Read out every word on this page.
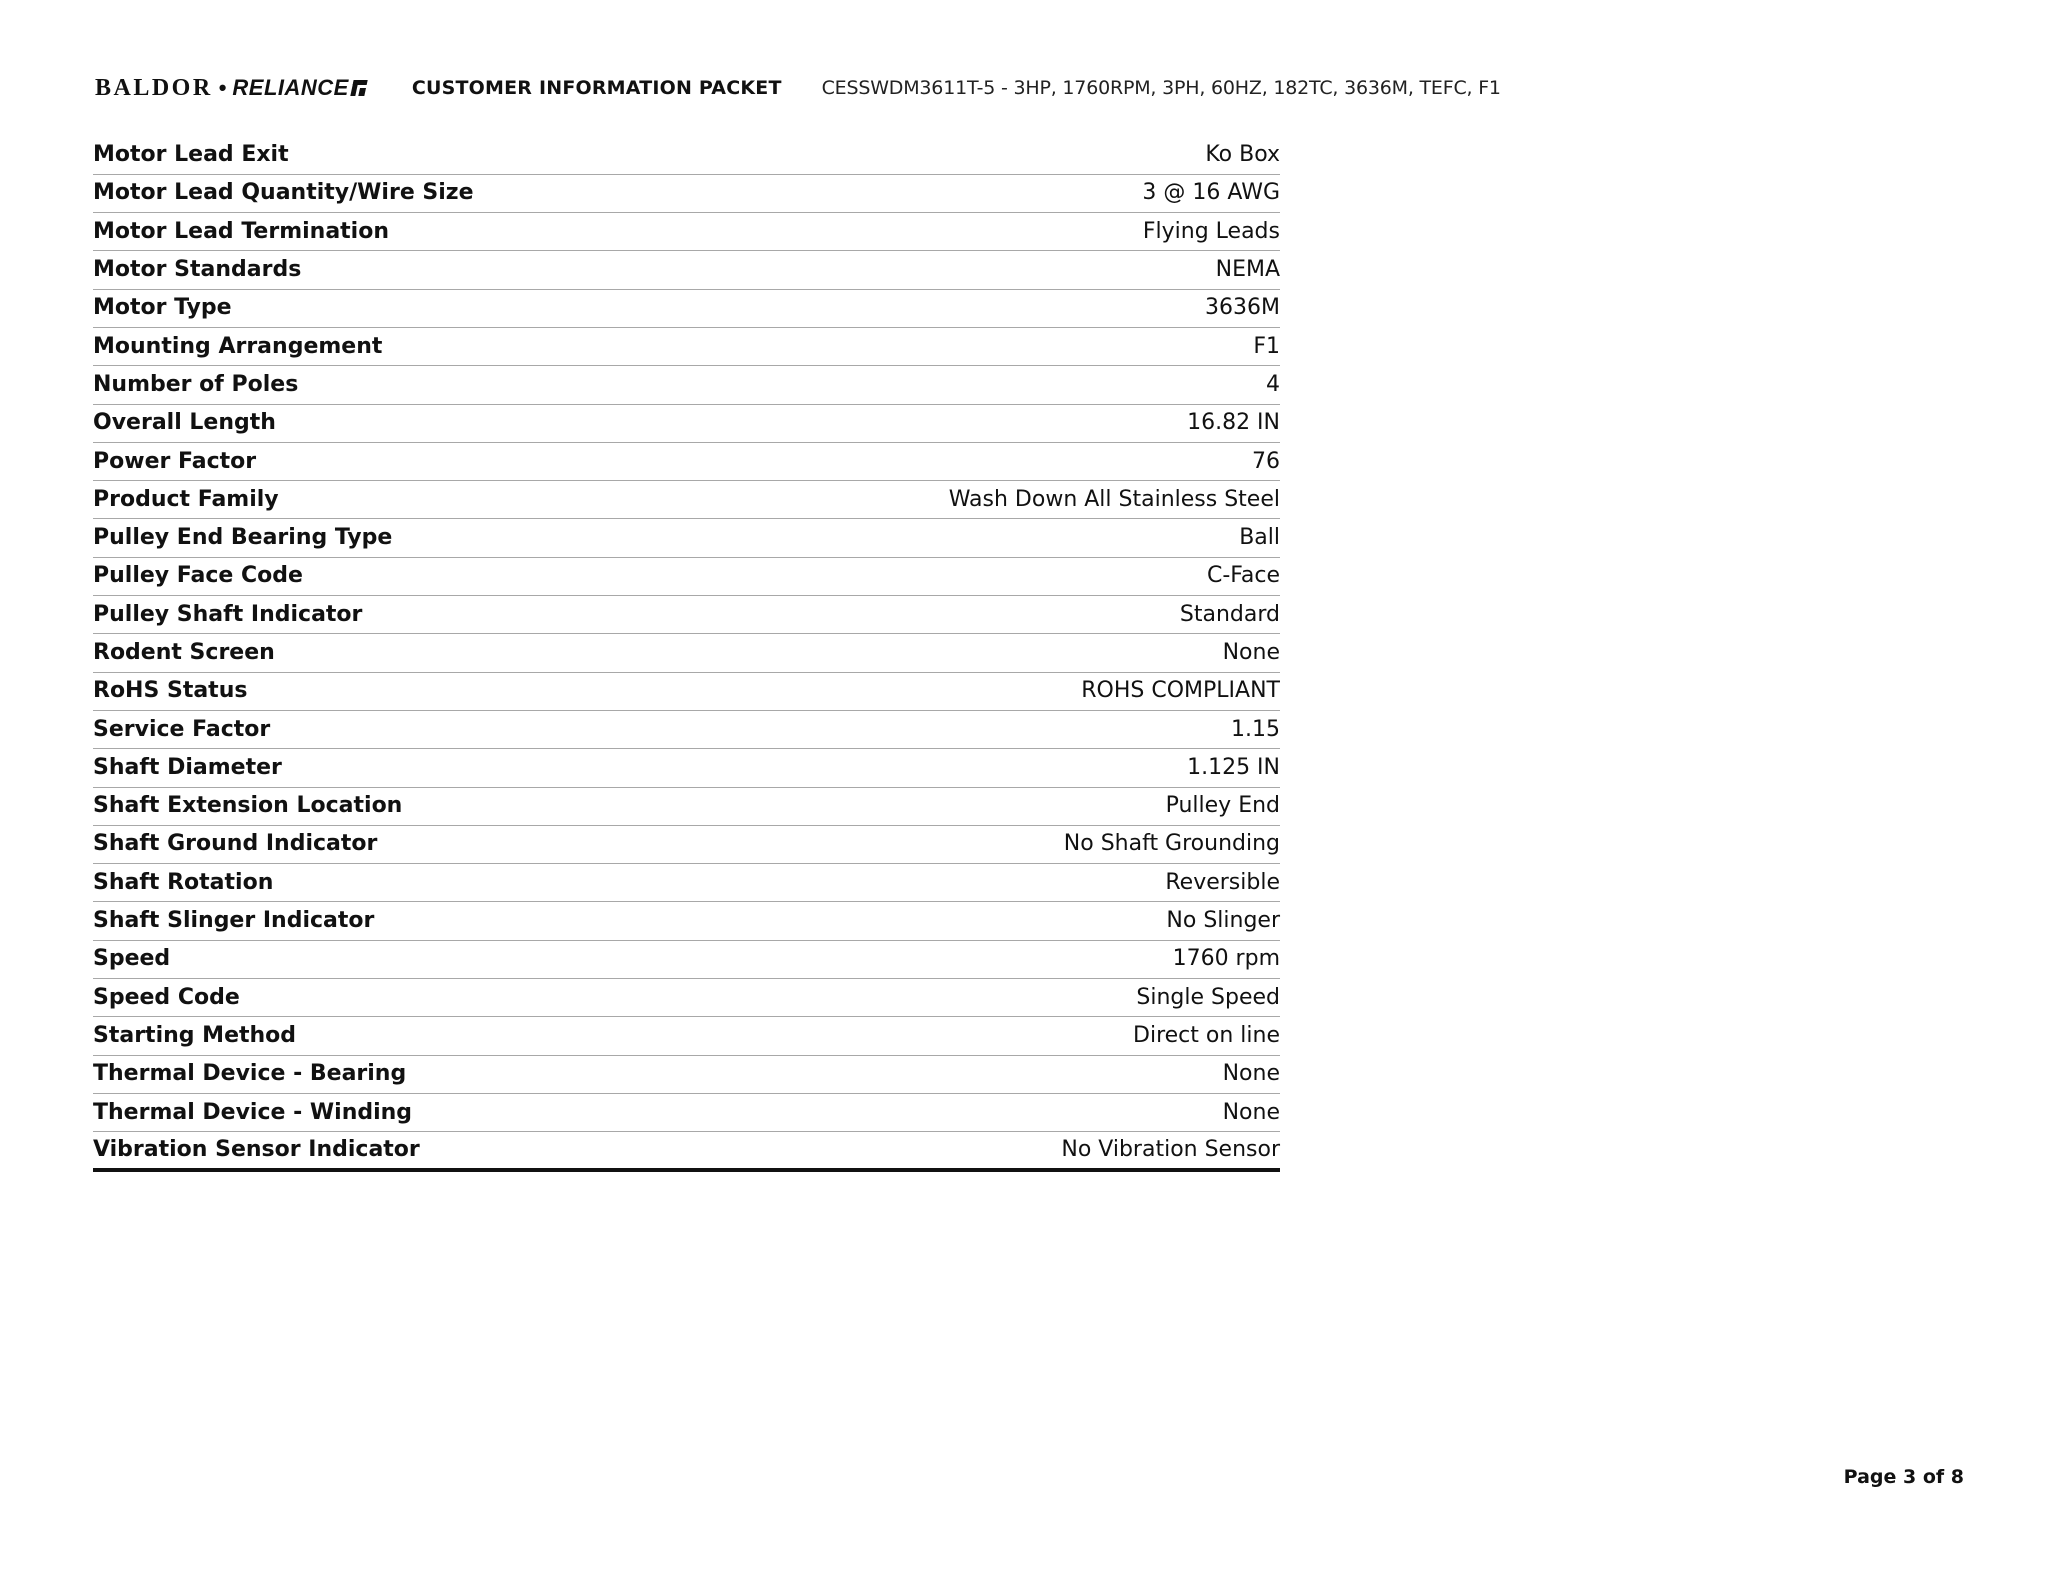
BALDOR • RELIANCE	CUSTOMER INFORMATION PACKET CESSWDM3611T-5 - 3HP, 1760RPM, 3PH, 60HZ, 182TC, 3636M, TEFC, F1
Motor Lead Exit	Ko Box
Motor Lead Quantity/Wire Size	3 @ 16 AWG
Motor Lead Termination	Flying Leads
Motor Standards	NEMA
Motor Type	3636M
Mounting Arrangement	F1
Number of Poles	4
Overall Length	16.82 IN
Power Factor	76
Product Family	Wash Down All Stainless Steel
Pulley End Bearing Type	Ball
Pulley Face Code	C-Face
Pulley Shaft Indicator	Standard
Rodent Screen	None
RoHS Status	ROHS COMPLIANT
Service Factor	1.15
Shaft Diameter	1.125 IN
Shaft Extension Location	Pulley End
Shaft Ground Indicator	No Shaft Grounding
Shaft Rotation	Reversible
Shaft Slinger Indicator	No Slinger
Speed	1760 rpm
Speed Code	Single Speed
Starting Method	Direct on line
Thermal Device - Bearing	None
Thermal Device - Winding	None
Vibration Sensor Indicator	No Vibration Sensor
Page 3 of 8
